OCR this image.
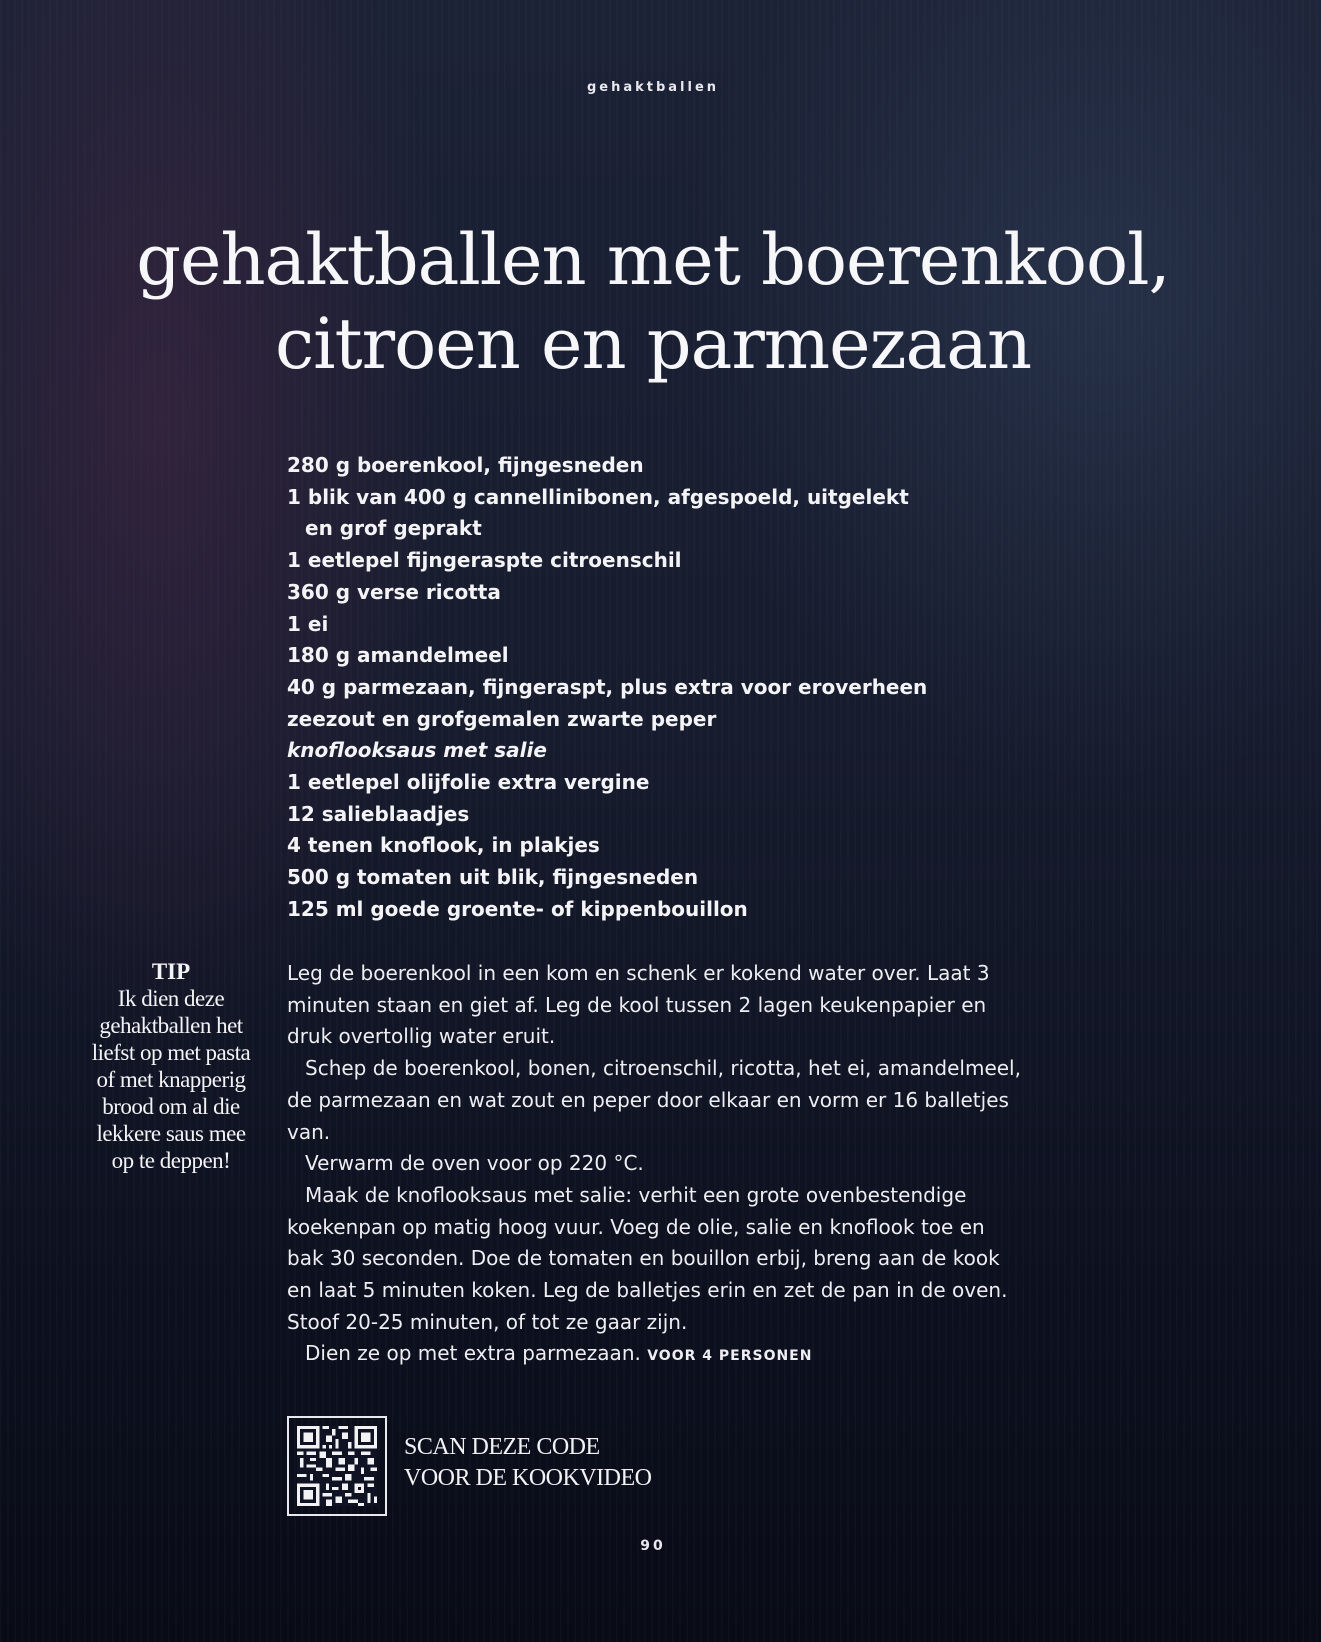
gehaktballen
gehaktballen met boerenkool,
citroen en parmezaan
280 g boerenkool, fijngesneden
1 blik van 400 g cannellinibonen, afgespoeld, uitgelekt
en grof geprakt
1 eetlepel fijngeraspte citroenschil
360 g verse ricotta
1 ei
180 g amandelmeel
40 g parmezaan, fijngeraspt, plus extra voor eroverheen
zeezout en grofgemalen zwarte peper
knoflooksaus met salie
1 eetlepel olijfolie extra vergine
12 salieblaadjes
4 tenen knoflook, in plakjes
500 g tomaten uit blik, fijngesneden
125 ml goede groente- of kippenbouillon
TIP
Ik dien deze gehaktballen het liefst op met pasta of met knapperig brood om al die lekkere saus mee op te deppen!

Leg de boerenkool in een kom en schenk er kokend water over. Laat 3 minuten staan en giet af. Leg de kool tussen 2 lagen keukenpapier en druk overtollig water eruit.

Schep de boerenkool, bonen, citroenschil, ricotta, het ei, amandelmeel, de parmezaan en wat zout en peper door elkaar en vorm er 16 balletjes van.

Verwarm de oven voor op 220 °C.

Maak de knoflooksaus met salie: verhit een grote ovenbestendige koekenpan op matig hoog vuur. Voeg de olie, salie en knoflook toe en bak 30 seconden. Doe de tomaten en bouillon erbij, breng aan de kook en laat 5 minuten koken. Leg de balletjes erin en zet de pan in de oven. Stoof 20-25 minuten, of tot ze gaar zijn.

Dien ze op met extra parmezaan. VOOR 4 PERSONEN

SCAN DEZE CODE
VOOR DE KOOKVIDEO
90
